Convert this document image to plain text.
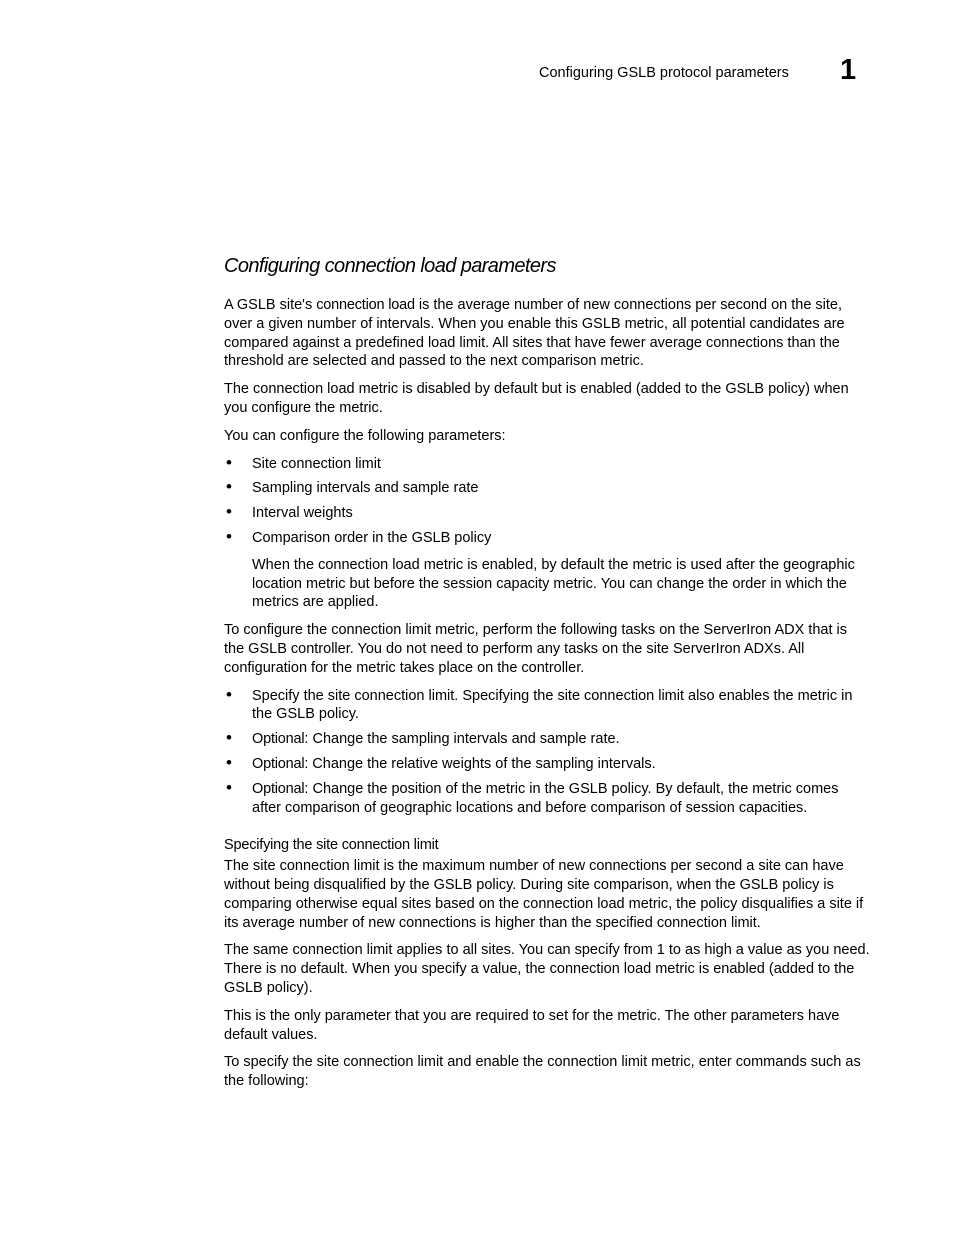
Configuring GSLB protocol parameters 1
Configuring connection load parameters

A GSLB site's connection load is the average number of new connections per second on the site, over a given number of intervals. When you enable this GSLB metric, all potential candidates are compared against a predefined load limit. All sites that have fewer average connections than the threshold are selected and passed to the next comparison metric.

The connection load metric is disabled by default but is enabled (added to the GSLB policy) when you configure the metric.

You can configure the following parameters:

• Site connection limit
• Sampling intervals and sample rate
• Interval weights
• Comparison order in the GSLB policy

When the connection load metric is enabled, by default the metric is used after the geographic location metric but before the session capacity metric. You can change the order in which the metrics are applied.

To configure the connection limit metric, perform the following tasks on the ServerIron ADX that is the GSLB controller. You do not need to perform any tasks on the site ServerIron ADXs. All configuration for the metric takes place on the controller.

• Specify the site connection limit. Specifying the site connection limit also enables the metric in the GSLB policy.
• Optional: Change the sampling intervals and sample rate.
• Optional: Change the relative weights of the sampling intervals.
• Optional: Change the position of the metric in the GSLB policy. By default, the metric comes after comparison of geographic locations and before comparison of session capacities.
Specifying the site connection limit

The site connection limit is the maximum number of new connections per second a site can have without being disqualified by the GSLB policy. During site comparison, when the GSLB policy is comparing otherwise equal sites based on the connection load metric, the policy disqualifies a site if its average number of new connections is higher than the specified connection limit.

The same connection limit applies to all sites. You can specify from 1 to as high a value as you need. There is no default. When you specify a value, the connection load metric is enabled (added to the GSLB policy).

This is the only parameter that you are required to set for the metric. The other parameters have default values.

To specify the site connection limit and enable the connection limit metric, enter commands such as the following:
